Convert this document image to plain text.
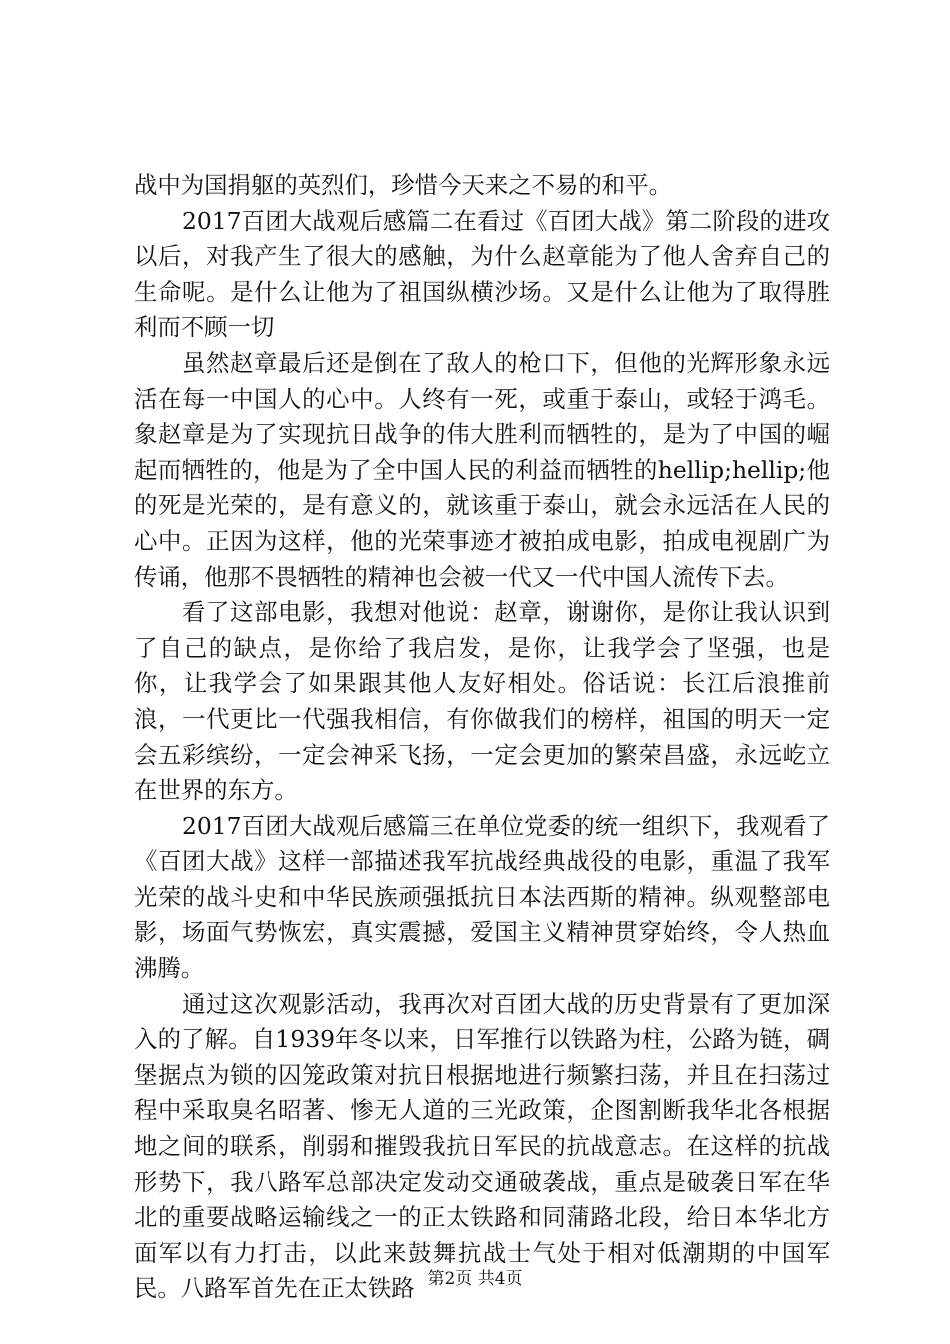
战中为国捐躯的英烈们，珍惜今天来之不易的和平。

2017百团大战观后感篇二在看过《百团大战》第二阶段的进攻以后，对我产生了很大的感触，为什么赵章能为了他人舍弃自己的生命呢。是什么让他为了祖国纵横沙场。又是什么让他为了取得胜利而不顾一切

虽然赵章最后还是倒在了敌人的枪口下，但他的光辉形象永远活在每一中国人的心中。人终有一死，或重于泰山，或轻于鸿毛。象赵章是为了实现抗日战争的伟大胜利而牺牲的，是为了中国的崛起而牺牲的，他是为了全中国人民的利益而牺牲的hellip;hellip;他的死是光荣的，是有意义的，就该重于泰山，就会永远活在人民的心中。正因为这样，他的光荣事迹才被拍成电影，拍成电视剧广为传诵，他那不畏牺牲的精神也会被一代又一代中国人流传下去。

看了这部电影，我想对他说：赵章，谢谢你，是你让我认识到了自己的缺点，是你给了我启发，是你，让我学会了坚强，也是你，让我学会了如果跟其他人友好相处。俗话说：长江后浪推前浪，一代更比一代强我相信，有你做我们的榜样，祖国的明天一定会五彩缤纷，一定会神采飞扬，一定会更加的繁荣昌盛，永远屹立在世界的东方。

2017百团大战观后感篇三在单位党委的统一组织下，我观看了《百团大战》这样一部描述我军抗战经典战役的电影，重温了我军光荣的战斗史和中华民族顽强抵抗日本法西斯的精神。纵观整部电影，场面气势恢宏，真实震撼，爱国主义精神贯穿始终，令人热血沸腾。

通过这次观影活动，我再次对百团大战的历史背景有了更加深入的了解。自1939年冬以来，日军推行以铁路为柱，公路为链，碉堡据点为锁的囚笼政策对抗日根据地进行频繁扫荡，并且在扫荡过程中采取臭名昭著、惨无人道的三光政策，企图割断我华北各根据地之间的联系，削弱和摧毁我抗日军民的抗战意志。在这样的抗战形势下，我八路军总部决定发动交通破袭战，重点是破袭日军在华北的重要战略运输线之一的正太铁路和同蒲路北段，给日本华北方面军以有力打击，以此来鼓舞抗战士气处于相对低潮期的中国军民。八路军首先在正太铁路 第2页 共4页
